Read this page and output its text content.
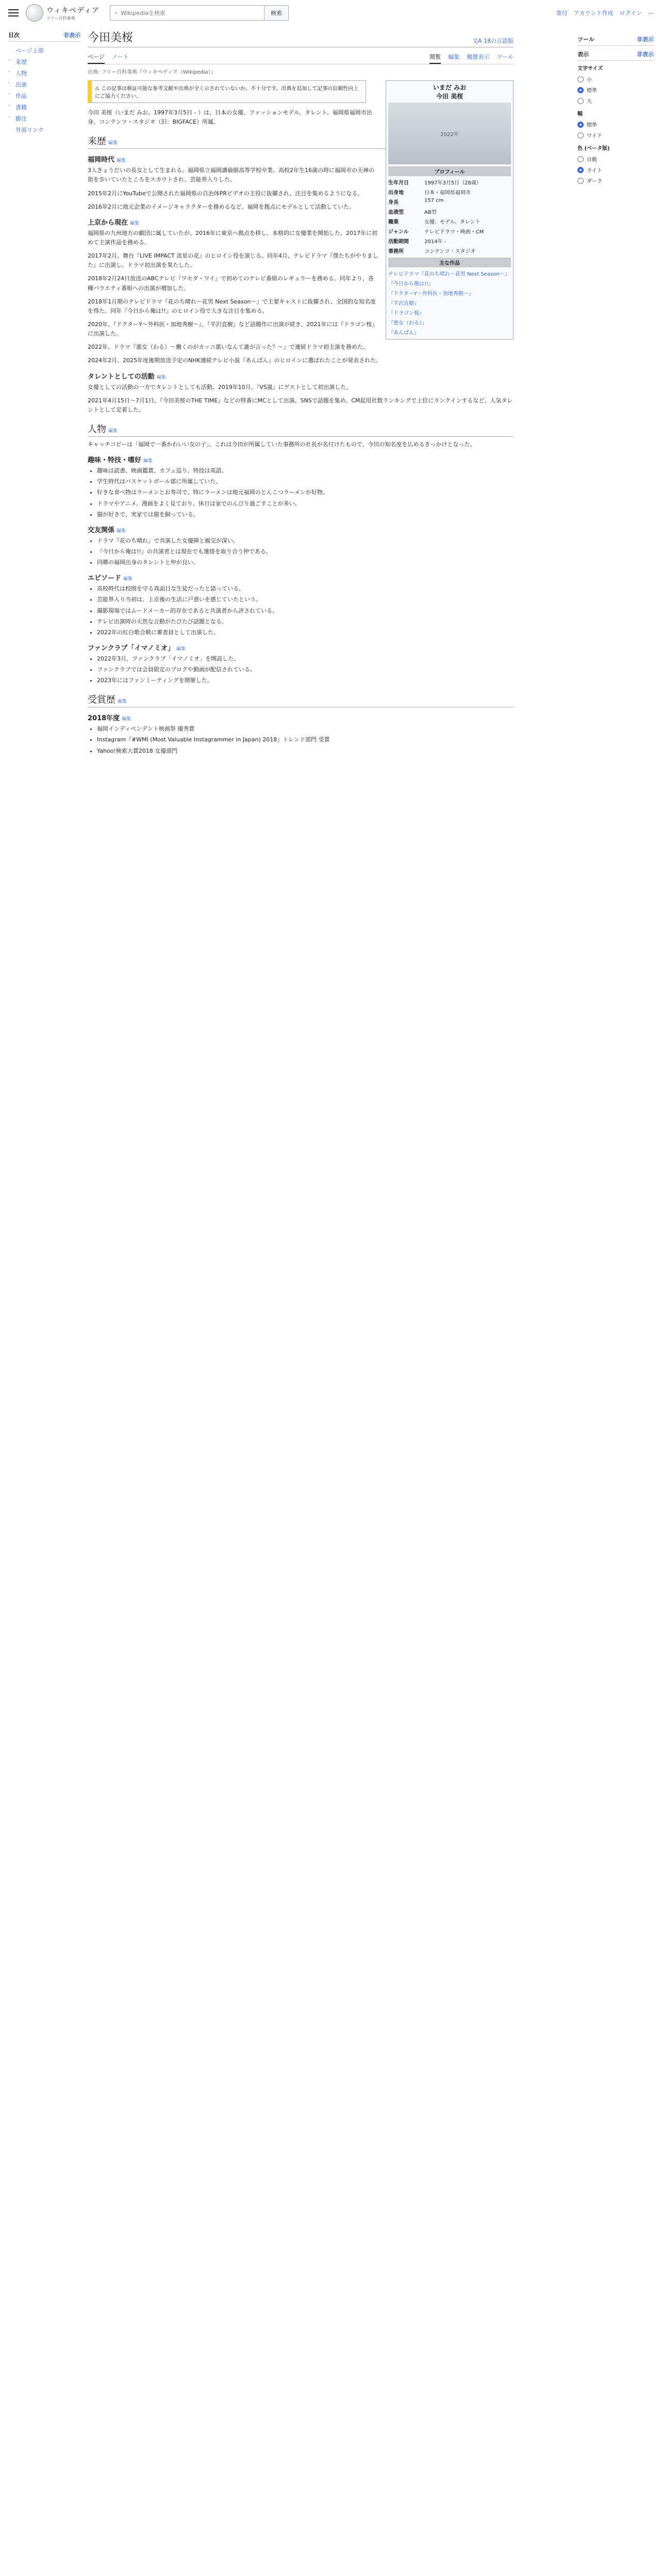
ウィキペディア
フリー百科事典
⌕ Wikipediaを検索	検索	寄付 アカウント作成 ログイン ⋯
目次	非表示
ページ上部
› 来歴
› 人物
› 出演
› 作品
› 書籍
› 脚注
外部リンク
今田美桜	文A 18の言語版
ページ ノート	閲覧 編集 履歴表示 ツール
出典: フリー百科事典『ウィキペディア（Wikipedia）』
いまだ みお
今田 美桜
2022年
プロフィール
生年月日	1997年3月5日（28歳）
出身地	日本・福岡県福岡市
身長	157 cm
血液型	AB型
職業	女優、モデル、タレント
ジャンル	テレビドラマ・映画・CM
活動期間	2014年 -
事務所	コンテンツ・スタジオ
主な作品
テレビドラマ『花のち晴れ〜花男 Next Season〜』
『今日から俺は!!』
『ドクターY〜外科医・加地秀樹〜』
『半沢直樹』
『ドラゴン桜』
『悪女（わる）』
『あんぱん』
⚠ この記事は検証可能な参考文献や出典が全く示されていないか、不十分です。出典を追加して記事の信頼性向上にご協力ください。

今田 美桜（いまだ みお、1997年3月5日 - ）は、日本の女優、ファッションモデル、タレント。福岡県福岡市出身。コンテンツ・スタジオ（旧：BIGFACE）所属。

来歴 編集
福岡時代 編集

3人きょうだいの長女として生まれる。福岡県立福岡講倫館高等学校卒業。高校2年生16歳の時に福岡市の天神の街を歩いていたところをスカウトされ、芸能界入りした。

2015年2月にYouTubeで公開された福岡県の自治体PRビデオの主役に抜擢され、注目を集めるようになる。

2016年2月に地元企業のイメージキャラクターを務めるなど、福岡を拠点にモデルとして活動していた。

上京から現在 編集

福岡県の九州地方の劇団に属していたが、2016年に東京へ拠点を移し、本格的に女優業を開始した。2017年に初めて主演作品を務める。

2017年2月、舞台『LIVE IMPACT 流星の花』のヒロイン役を演じる。同年4月、テレビドラマ『僕たちがやりました』に出演し、ドラマ初出演を果たした。

2018年2月24日放送のABCテレビ『ワセダ・ワイ』で初めてのテレビ番組のレギュラーを務める。同年より、各種バラエティ番組への出演が増加した。

2018年1月期のテレビドラマ『花のち晴れ〜花男 Next Season〜』で主要キャストに抜擢され、全国的な知名度を得た。同年『今日から俺は!!』のヒロイン役で大きな注目を集める。

2020年、『ドクターY〜外科医・加地秀樹〜』、『半沢直樹』など話題作に出演が続き、2021年には『ドラゴン桜』に出演した。

2022年、ドラマ『悪女（わる）〜働くのがカッコ悪いなんて誰が言った？〜』で連続ドラマ初主演を務めた。

2024年2月、2025年度後期放送予定のNHK連続テレビ小説『あんぱん』のヒロインに選ばれたことが発表された。

タレントとしての活動 編集

女優としての活動の一方でタレントとしても活動。2019年10月、『VS嵐』にゲストとして初出演した。

2021年4月15日〜7月1日、『今田美桜のTHE TIME』などの特番にMCとして出演。SNSで話題を集め、CM起用社数ランキングで上位にランクインするなど、人気タレントとして定着した。

人物 編集

キャッチコピーは「福岡で一番かわいい女の子」。これは今田が所属していた事務所の社長が名付けたもので、今田の知名度を広めるきっかけとなった。

趣味・特技・嗜好 編集
• 趣味は読書、映画鑑賞、カフェ巡り。特技は英語。
• 学生時代はバスケットボール部に所属していた。
• 好きな食べ物はラーメンとお寿司で、特にラーメンは地元福岡のとんこつラーメンが好物。
• ドラマやアニメ、漫画をよく見ており、休日は家でのんびり過ごすことが多い。
• 猫が好きで、実家では猫を飼っている。
交友関係 編集
• ドラマ『花のち晴れ』で共演した女優陣と親交が深い。
• 『今日から俺は!!』の共演者とは現在でも連絡を取り合う仲である。
• 同郷の福岡出身のタレントと仲が良い。
エピソード 編集
• 高校時代は校則を守る真面目な生徒だったと語っている。
• 芸能界入り当初は、上京後の生活に戸惑いを感じていたという。
• 撮影現場ではムードメーカー的存在であると共演者から評されている。
• テレビ出演時の天然な言動がたびたび話題となる。
• 2022年の紅白歌合戦に審査員として出演した。
ファンクラブ「イマノミオ」 編集
• 2022年3月、ファンクラブ「イマノミオ」を開設した。
• ファンクラブでは会員限定のブログや動画が配信されている。
• 2023年にはファンミーティングを開催した。
受賞歴 編集
2018年度 編集
• 福岡インディペンデント映画祭 優秀賞
• Instagram『#WMI (Most Valuable Instagrammer in Japan) 2018』トレンド部門 受賞
• Yahoo!検索大賞2018 女優部門
ツール	非表示
表示	非表示
文字サイズ
小
標準
大
幅
標準
ワイド
色 (ベータ版)
自動
ライト
ダーク
